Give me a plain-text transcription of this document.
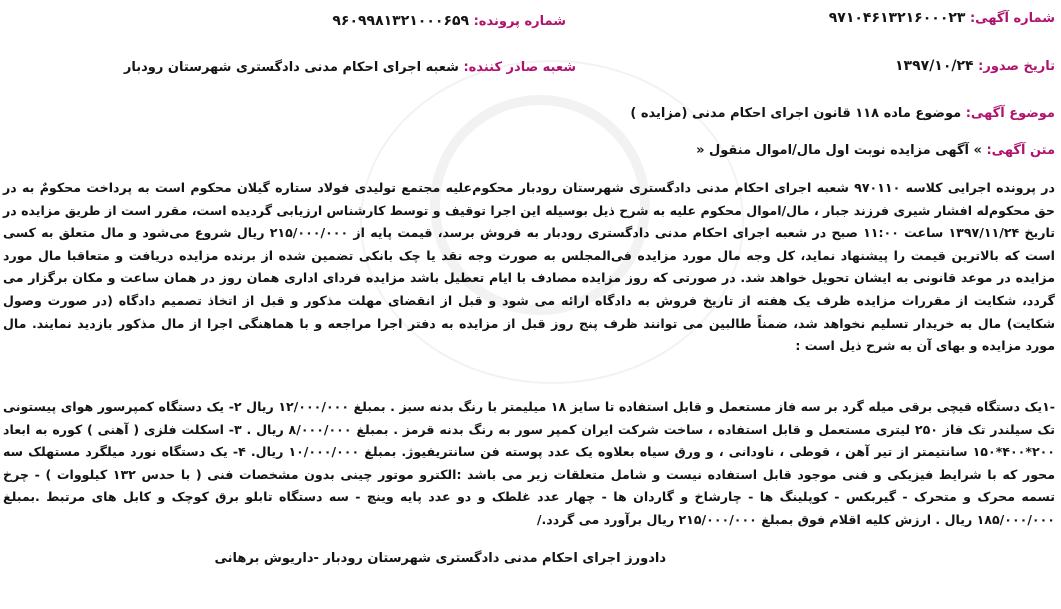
شماره آگهی: ۹۷۱۰۴۶۱۳۲۱۶۰۰۰۲۳
شماره پرونده: ۹۶۰۹۹۸۱۳۲۱۰۰۰۶۵۹
تاریخ صدور: ۱۳۹۷/۱۰/۲۴
شعبه صادر کننده: شعبه اجرای احکام مدنی دادگستری شهرستان رودبار
موضوع آگهی: موضوع ماده ۱۱۸ قانون اجرای احکام مدنی (مزایده )
متن آگهی: » آگهی مزایده نوبت اول مال/اموال منقول «

در پرونده اجرایی کلاسه ۹۷۰۱۱۰ شعبه اجرای احکام مدنی دادگستری شهرستان رودبار محکوم‌علیه مجتمع تولیدی فولاد ستاره گیلان محکوم است به پرداخت محکومٌ به در حق محکوم‌له افشار شیری فرزند جبار ، مال/اموال محکوم علیه به شرح ذیل بوسیله این اجرا توقیف و توسط کارشناس ارزیابی گردیده است، مقرر است از طریق مزایده در تاریخ ۱۳۹۷/۱۱/۲۴ ساعت ۱۱:۰۰ صبح در شعبه اجرای احکام مدنی دادگستری رودبار به فروش برسد، قیمت پایه از ۲۱۵/۰۰۰/۰۰۰ ریال شروع می‌شود و مال متعلق به کسی است که بالاترین قیمت را پیشنهاد نماید، کل وجه مال مورد مزایده فی‌المجلس به صورت وجه نقد یا چک بانکی تضمین شده از برنده مزایده دریافت و متعاقبا مال مورد مزایده در موعد قانونی به ایشان تحویل خواهد شد. در صورتی که روز مزایده مصادف با ایام تعطیل باشد مزایده فردای اداری همان روز در همان ساعت و مکان برگزار می گردد، شکایت از مقررات مزایده ظرف یک هفته از تاریخ فروش به دادگاه ارائه می شود و قبل از انقضای مهلت مذکور و قبل از اتخاذ تصمیم دادگاه (در صورت وصول شکایت) مال به خریدار تسلیم نخواهد شد، ضمناً طالبین می توانند ظرف پنج روز قبل از مزایده به دفتر اجرا مراجعه و با هماهنگی اجرا از مال مذکور بازدید نمایند. مال مورد مزایده و بهای آن به شرح ذیل است :

-۱یک دستگاه قیچی برقی میله گرد بر سه فاز مستعمل و قابل استفاده تا سایز ۱۸ میلیمتر با رنگ بدنه سبز . بمبلغ ۱۲/۰۰۰/۰۰۰ ریال ۲- یک دستگاه کمپرسور هوای پیستونی تک سیلندر تک فاز ۲۵۰ لیتری مستعمل و قابل استفاده ، ساخت شرکت ایران کمپر سور به رنگ بدنه قرمز . بمبلغ ۸/۰۰۰/۰۰۰ ریال . ۳- اسکلت فلزی ( آهنی ) کوره به ابعاد ۲۰۰*۴۰۰*۱۵۰ سانتیمتر از تیر آهن ، قوطی ، ناودانی ، و ورق سیاه بعلاوه یک عدد پوسته فن سانتریفیوژ. بمبلغ ۱۰/۰۰۰/۰۰۰ ریال. ۴- یک دستگاه نورد میلگرد مستهلک سه محور که با شرایط فیزیکی و فنی موجود قابل استفاده نیست و شامل متعلقات زیر می باشد :الکترو موتور چینی بدون مشخصات فنی ( با حدس ۱۳۲ کیلووات ) - چرخ تسمه محرک و متحرک - گیربکس - کوپلینگ ها - چارشاخ و گاردان ها - چهار عدد غلطک و دو عدد پایه وینچ - سه دستگاه تابلو برق کوچک و کابل های مرتبط .بمبلغ ۱۸۵/۰۰۰/۰۰۰ ریال . ارزش کلیه اقلام فوق بمبلغ ۲۱۵/۰۰۰/۰۰۰ ریال برآورد می گردد./

دادورز اجرای احکام مدنی دادگستری شهرستان رودبار -داریوش برهانی
